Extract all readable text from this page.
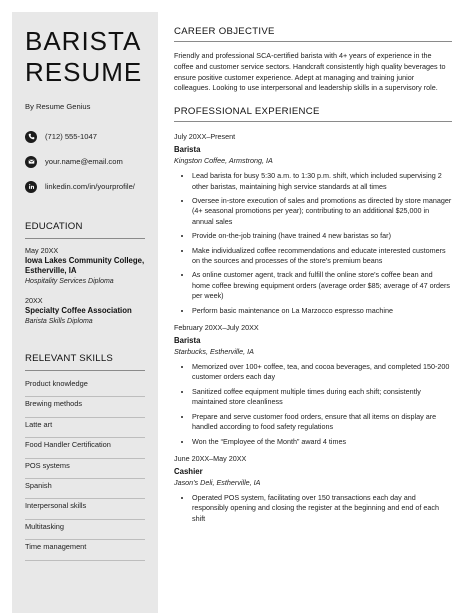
BARISTA
RESUME
By Resume Genius
(712) 555-1047
your.name@email.com
linkedin.com/in/yourprofile/
EDUCATION
May 20XX
Iowa Lakes Community College, Estherville, IA
Hospitality Services Diploma
20XX
Specialty Coffee Association
Barista Skills Diploma
RELEVANT SKILLS
Product knowledge
Brewing methods
Latte art
Food Handler Certification
POS systems
Spanish
Interpersonal skills
Multitasking
Time management
CAREER OBJECTIVE
Friendly and professional SCA-certified barista with 4+ years of experience in the coffee and customer service sectors. Handcraft consistently high quality beverages to ensure positive customer experience. Adept at managing and training junior colleagues. Looking to use interpersonal and leadership skills in a supervisory role.
PROFESSIONAL EXPERIENCE
July 20XX–Present
Barista
Kingston Coffee, Armstrong, IA
• Lead barista for busy 5:30 a.m. to 1:30 p.m. shift, which included supervising 2 other baristas, maintaining high service standards at all times
• Oversee in-store execution of sales and promotions as directed by store manager (4+ seasonal promotions per year); contributing to an additional $25,000 in annual sales
• Provide on-the-job training (have trained 4 new baristas so far)
• Make individualized coffee recommendations and educate interested customers on the sources and processes of the store's premium beans
• As online customer agent, track and fulfill the online store's coffee bean and home coffee brewing equipment orders (average order $85; average of 47 orders per week)
• Perform basic maintenance on La Marzocco espresso machine
February 20XX–July 20XX
Barista
Starbucks, Estherville, IA
• Memorized over 100+ coffee, tea, and cocoa beverages, and completed 150-200 customer orders each day
• Sanitized coffee equipment multiple times during each shift; consistently maintained store cleanliness
• Prepare and serve customer food orders, ensure that all items on display are handled according to food safety regulations
• Won the “Employee of the Month” award 4 times
June 20XX–May 20XX
Cashier
Jason's Deli, Estherville, IA
• Operated POS system, facilitating over 150 transactions each day and responsibly opening and closing the register at the beginning and end of each shift
